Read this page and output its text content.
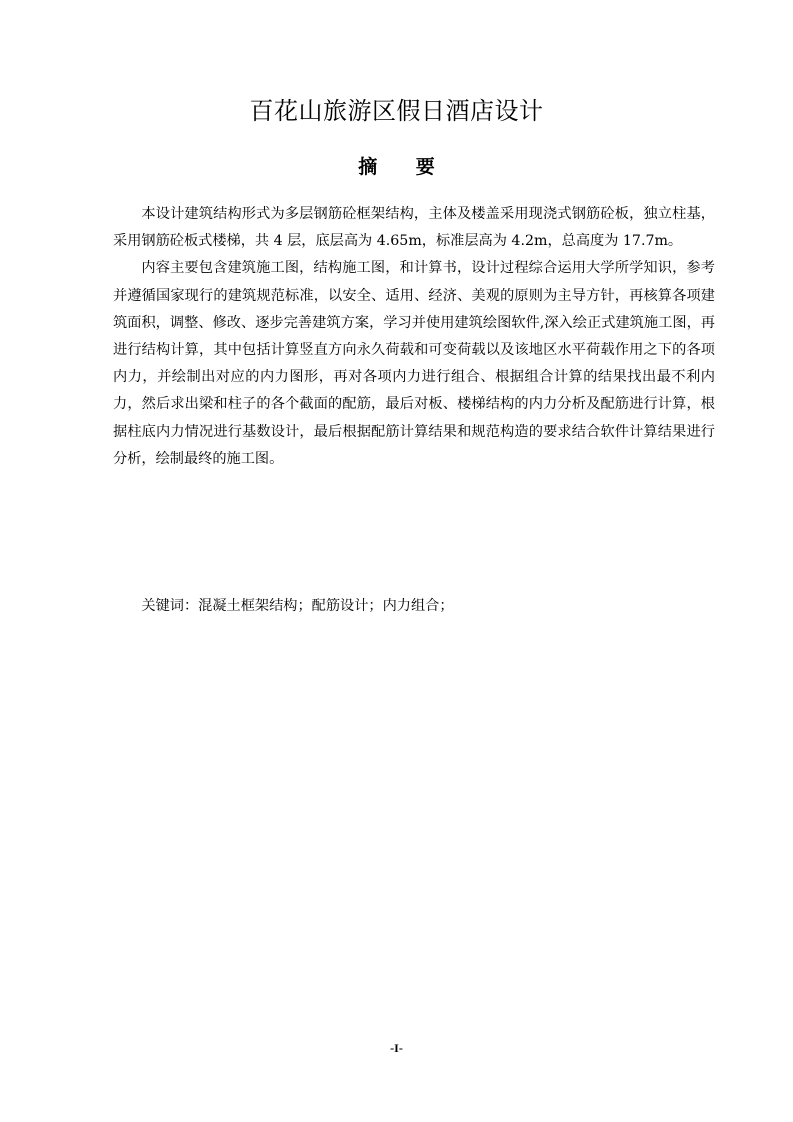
百花山旅游区假日酒店设计
摘 要

本设计建筑结构形式为多层钢筋砼框架结构，主体及楼盖采用现浇式钢筋砼板，独立柱基，采用钢筋砼板式楼梯，共 4 层，底层高为 4.65m，标准层高为 4.2m，总高度为 17.7m。

内容主要包含建筑施工图，结构施工图，和计算书，设计过程综合运用大学所学知识，参考并遵循国家现行的建筑规范标准，以安全、适用、经济、美观的原则为主导方针，再核算各项建筑面积，调整、修改、逐步完善建筑方案，学习并使用建筑绘图软件,深入绘正式建筑施工图，再进行结构计算，其中包括计算竖直方向永久荷载和可变荷载以及该地区水平荷载作用之下的各项内力，并绘制出对应的内力图形，再对各项内力进行组合、根据组合计算的结果找出最不利内力，然后求出梁和柱子的各个截面的配筋，最后对板、楼梯结构的内力分析及配筋进行计算，根据柱底内力情况进行基数设计，最后根据配筋计算结果和规范构造的要求结合软件计算结果进行分析，绘制最终的施工图。

关键词：混凝土框架结构；配筋设计；内力组合；

-I-
